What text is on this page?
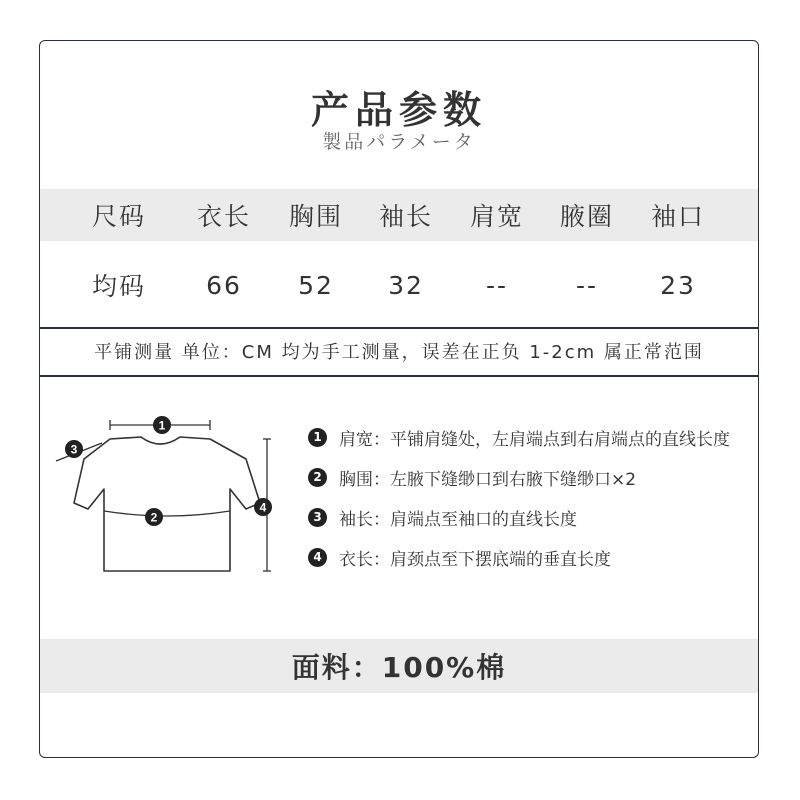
产品参数
製品パラメータ
尺码	衣长	胸围	袖长	肩宽	腋圈	袖口
均码	66	52	32	--	--	23
平铺测量 单位：CM 均为手工测量，误差在正负 1-2cm 属正常范围
1
3
2
4
1	肩宽：平铺肩缝处，左肩端点到右肩端点的直线长度
2	胸围：左腋下缝缈口到右腋下缝缈口×2
3	袖长：肩端点至袖口的直线长度
4	衣长：肩颈点至下摆底端的垂直长度
面料：100%棉
